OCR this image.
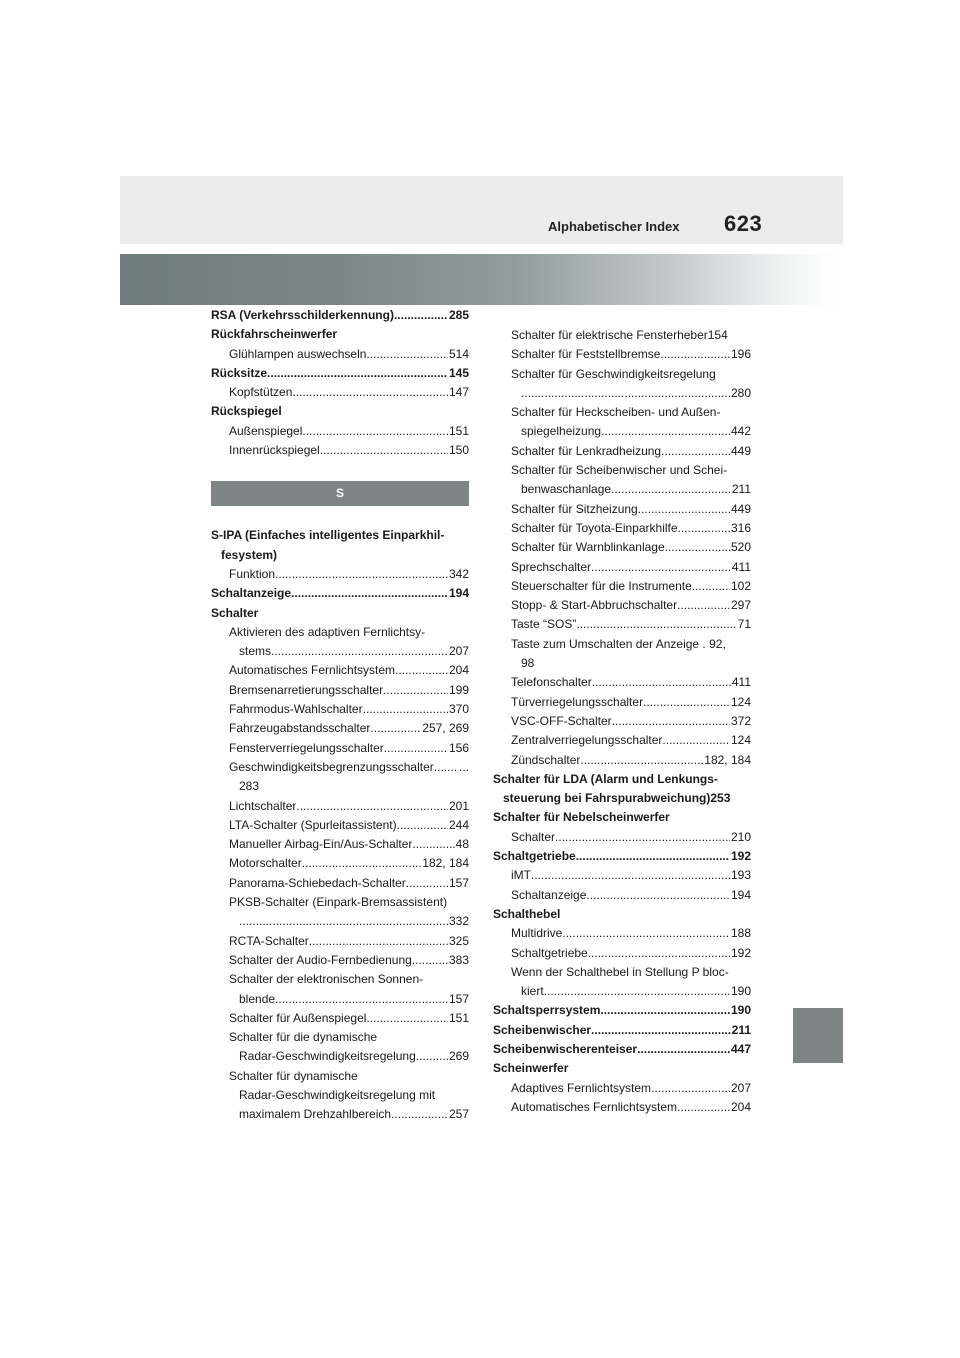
Alphabetischer Index 623
RSA (Verkehrsschilderkennung) .....	285
Rückfahrscheinwerfer
Glühlampen auswechseln .....	514
Rücksitze .....	145
Kopfstützen .....	147
Rückspiegel
Außenspiegel .....	151
Innenrückspiegel .....	150
S
S-IPA (Einfaches intelligentes Einparkhil-
fesystem)
Funktion .....	342
Schaltanzeige .....	194
Schalter
Aktivieren des adaptiven Fernlichtsy-
stems .....	207
Automatisches Fernlichtsystem .....	204
Bremsenarretierungsschalter .....	199
Fahrmodus-Wahlschalter .....	370
Fahrzeugabstandsschalter .....	257, 269
Fensterverriegelungsschalter .....	156
Geschwindigkeitsbegrenzungsschalter ..... ...
283
Lichtschalter .....	201
LTA-Schalter (Spurleitassistent) .....	244
Manueller Airbag-Ein/Aus-Schalter .....	48
Motorschalter .....	182, 184
Panorama-Schiebedach-Schalter .....	157
PKSB-Schalter (Einpark-Bremsassistent)
.....
332
RCTA-Schalter .....	325
Schalter der Audio-Fernbedienung .....	383
Schalter der elektronischen Sonnen-
blende .....	157
Schalter für Außenspiegel .....	151
Schalter für die dynamische
Radar-Geschwindigkeitsregelung .....	269
Schalter für dynamische
Radar-Geschwindigkeitsregelung mit
maximalem Drehzahlbereich .....	257
Schalter für elektrische Fensterheber154
Schalter für Feststellbremse .....	196
Schalter für Geschwindigkeitsregelung
.....
280
Schalter für Heckscheiben- und Außen-
spiegelheizung .....	442
Schalter für Lenkradheizung .....	449
Schalter für Scheibenwischer und Schei-
benwaschanlage .....	211
Schalter für Sitzheizung .....	449
Schalter für Toyota-Einparkhilfe .....	316
Schalter für Warnblinkanlage .....	520
Sprechschalter .....	411
Steuerschalter für die Instrumente .....	102
Stopp- & Start-Abbruchschalter .....	297
Taste “SOS” .....	71
Taste zum Umschalten der Anzeige . 92,
98
Telefonschalter .....	411
Türverriegelungsschalter .....	124
VSC-OFF-Schalter .....	372
Zentralverriegelungsschalter .....	124
Zündschalter .....	182, 184
Schalter für LDA (Alarm und Lenkungs-
steuerung bei Fahrspurabweichung)253
Schalter für Nebelscheinwerfer
Schalter .....	210
Schaltgetriebe .....	192
iMT .....	193
Schaltanzeige .....	194
Schalthebel
Multidrive .....	188
Schaltgetriebe .....	192
Wenn der Schalthebel in Stellung P bloc-
kiert .....	190
Schaltsperrsystem .....	190
Scheibenwischer .....	211
Scheibenwischerenteiser .....	447
Scheinwerfer
Adaptives Fernlichtsystem .....	207
Automatisches Fernlichtsystem .....	204
